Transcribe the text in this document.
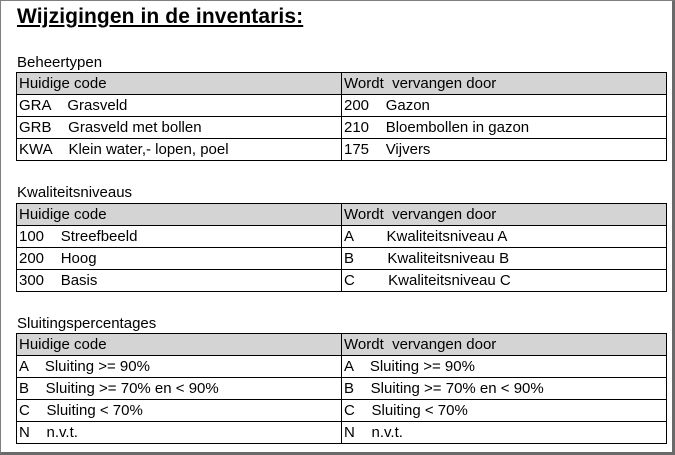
Wijzigingen in de inventaris:
Beheertypen
Huidige code	Wordt  vervangen door
GRA    Grasveld	200    Gazon
GRB    Grasveld met bollen	210    Bloembollen in gazon
KWA    Klein water,- lopen, poel	175    Vijvers
Kwaliteitsniveaus
Huidige code	Wordt  vervangen door
100    Streefbeeld	A        Kwaliteitsniveau A
200    Hoog	B        Kwaliteitsniveau B
300    Basis	C        Kwaliteitsniveau C
Sluitingspercentages
Huidige code	Wordt  vervangen door
A    Sluiting >= 90%	A    Sluiting >= 90%
B    Sluiting >= 70% en < 90%	B    Sluiting >= 70% en < 90%
C    Sluiting < 70%	C    Sluiting < 70%
N    n.v.t.	N    n.v.t.
